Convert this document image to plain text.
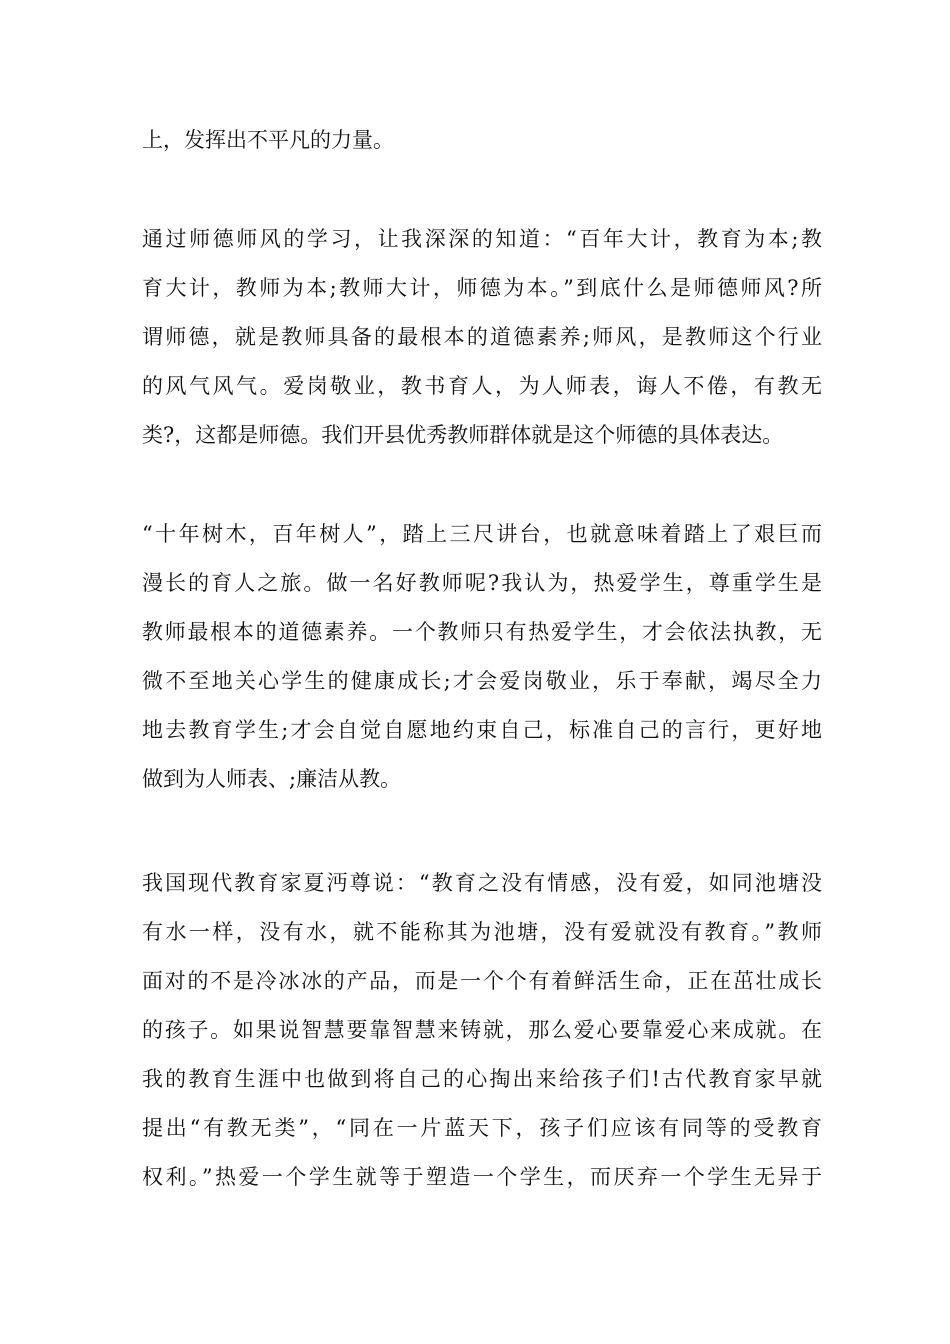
上，发挥出不平凡的力量。
通过师德师风的学习，让我深深的知道：“百年大计，教育为本;教
育大计，教师为本;教师大计，师德为本。”到底什么是师德师风?所
谓师德，就是教师具备的最根本的道德素养;师风，是教师这个行业
的风气风气。爱岗敬业，教书育人，为人师表，诲人不倦，有教无
类?，这都是师德。我们开县优秀教师群体就是这个师德的具体表达。
“十年树木，百年树人”，踏上三尺讲台，也就意味着踏上了艰巨而
漫长的育人之旅。做一名好教师呢?我认为，热爱学生，尊重学生是
教师最根本的道德素养。一个教师只有热爱学生，才会依法执教，无
微不至地关心学生的健康成长;才会爱岗敬业，乐于奉献，竭尽全力
地去教育学生;才会自觉自愿地约束自己，标准自己的言行，更好地
做到为人师表、;廉洁从教。
我国现代教育家夏沔尊说：“教育之没有情感，没有爱，如同池塘没
有水一样，没有水，就不能称其为池塘，没有爱就没有教育。”教师
面对的不是冷冰冰的产品，而是一个个有着鲜活生命，正在茁壮成长
的孩子。如果说智慧要靠智慧来铸就，那么爱心要靠爱心来成就。在
我的教育生涯中也做到将自己的心掏出来给孩子们!古代教育家早就
提出“有教无类”，“同在一片蓝天下，孩子们应该有同等的受教育
权利。”热爱一个学生就等于塑造一个学生，而厌弃一个学生无异于
